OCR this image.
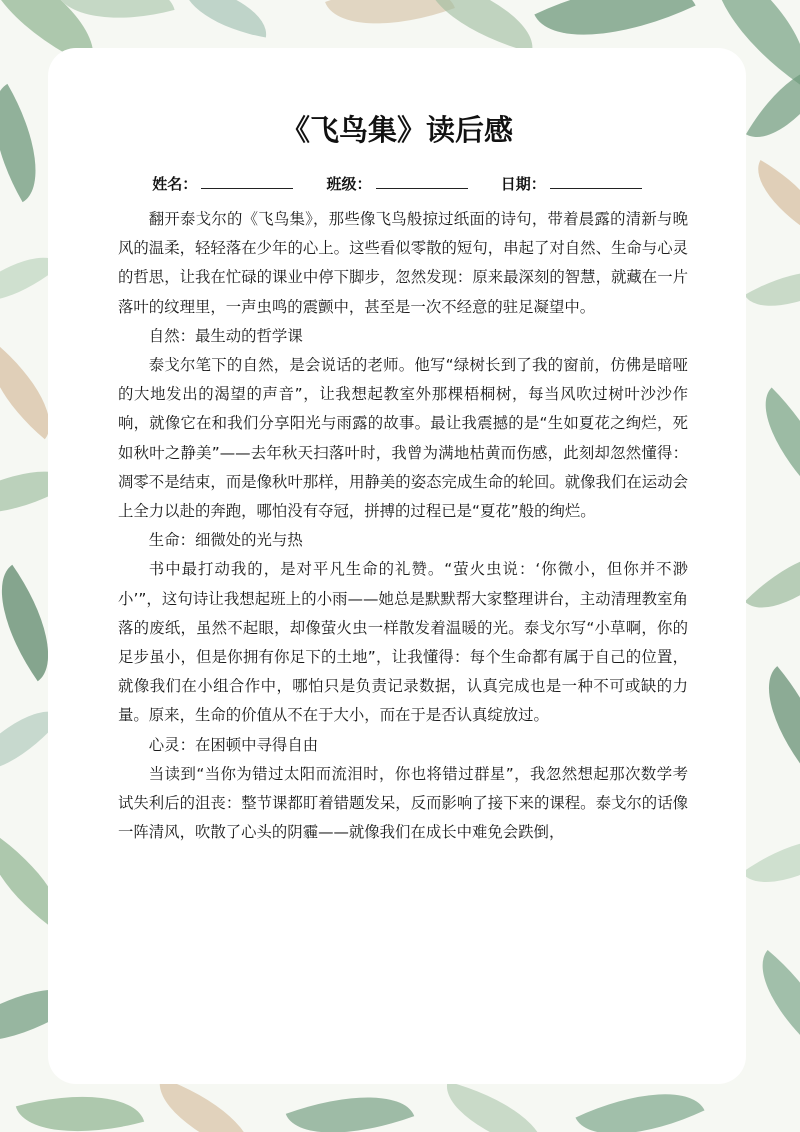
《飞鸟集》读后感
姓名：	班级：	日期：

翻开泰戈尔的《飞鸟集》，那些像飞鸟般掠过纸面的诗句，带着晨露的清新与晚风的温柔，轻轻落在少年的心上。这些看似零散的短句，串起了对自然、生命与心灵的哲思，让我在忙碌的课业中停下脚步，忽然发现：原来最深刻的智慧，就藏在一片落叶的纹理里，一声虫鸣的震颤中，甚至是一次不经意的驻足凝望中。

自然：最生动的哲学课

泰戈尔笔下的自然，是会说话的老师。他写“绿树长到了我的窗前，仿佛是暗哑的大地发出的渴望的声音”，让我想起教室外那棵梧桐树，每当风吹过树叶沙沙作响，就像它在和我们分享阳光与雨露的故事。最让我震撼的是“生如夏花之绚烂，死如秋叶之静美”——去年秋天扫落叶时，我曾为满地枯黄而伤感，此刻却忽然懂得：凋零不是结束，而是像秋叶那样，用静美的姿态完成生命的轮回。就像我们在运动会上全力以赴的奔跑，哪怕没有夺冠，拼搏的过程已是“夏花”般的绚烂。

生命：细微处的光与热

书中最打动我的，是对平凡生命的礼赞。“萤火虫说：‘你微小，但你并不渺小’”，这句诗让我想起班上的小雨——她总是默默帮大家整理讲台，主动清理教室角落的废纸，虽然不起眼，却像萤火虫一样散发着温暖的光。泰戈尔写“小草啊，你的足步虽小，但是你拥有你足下的土地”，让我懂得：每个生命都有属于自己的位置，就像我们在小组合作中，哪怕只是负责记录数据，认真完成也是一种不可或缺的力量。原来，生命的价值从不在于大小，而在于是否认真绽放过。

心灵：在困顿中寻得自由

当读到“当你为错过太阳而流泪时，你也将错过群星”，我忽然想起那次数学考试失利后的沮丧：整节课都盯着错题发呆，反而影响了接下来的课程。泰戈尔的话像一阵清风，吹散了心头的阴霾——就像我们在成长中难免会跌倒，
